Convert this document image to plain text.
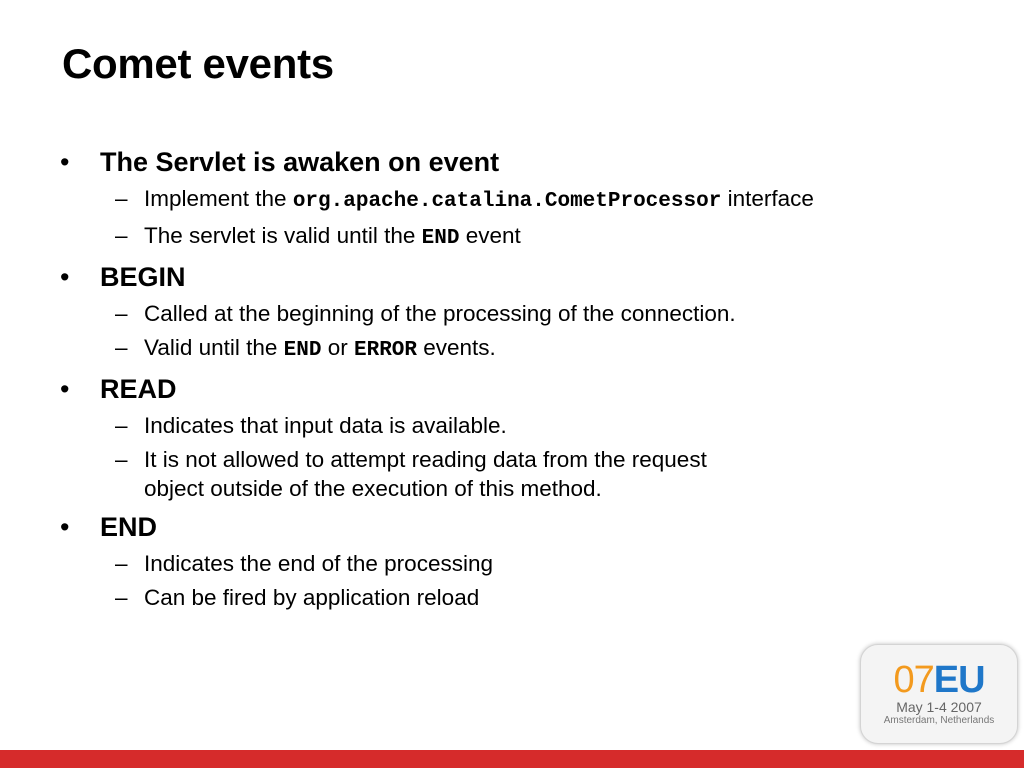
Comet events
• The Servlet is awaken on event
– Implement the org.apache.catalina.CometProcessor interface
– The servlet is valid until the END event
• BEGIN
– Called at the beginning of the processing of the connection.
– Valid until the END or ERROR events.
• READ
– Indicates that input data is available.
– It is not allowed to attempt reading data from the request
object outside of the execution of this method.
• END
– Indicates the end of the processing
– Can be fired by application reload
07EU
May 1-4 2007
Amsterdam, Netherlands
